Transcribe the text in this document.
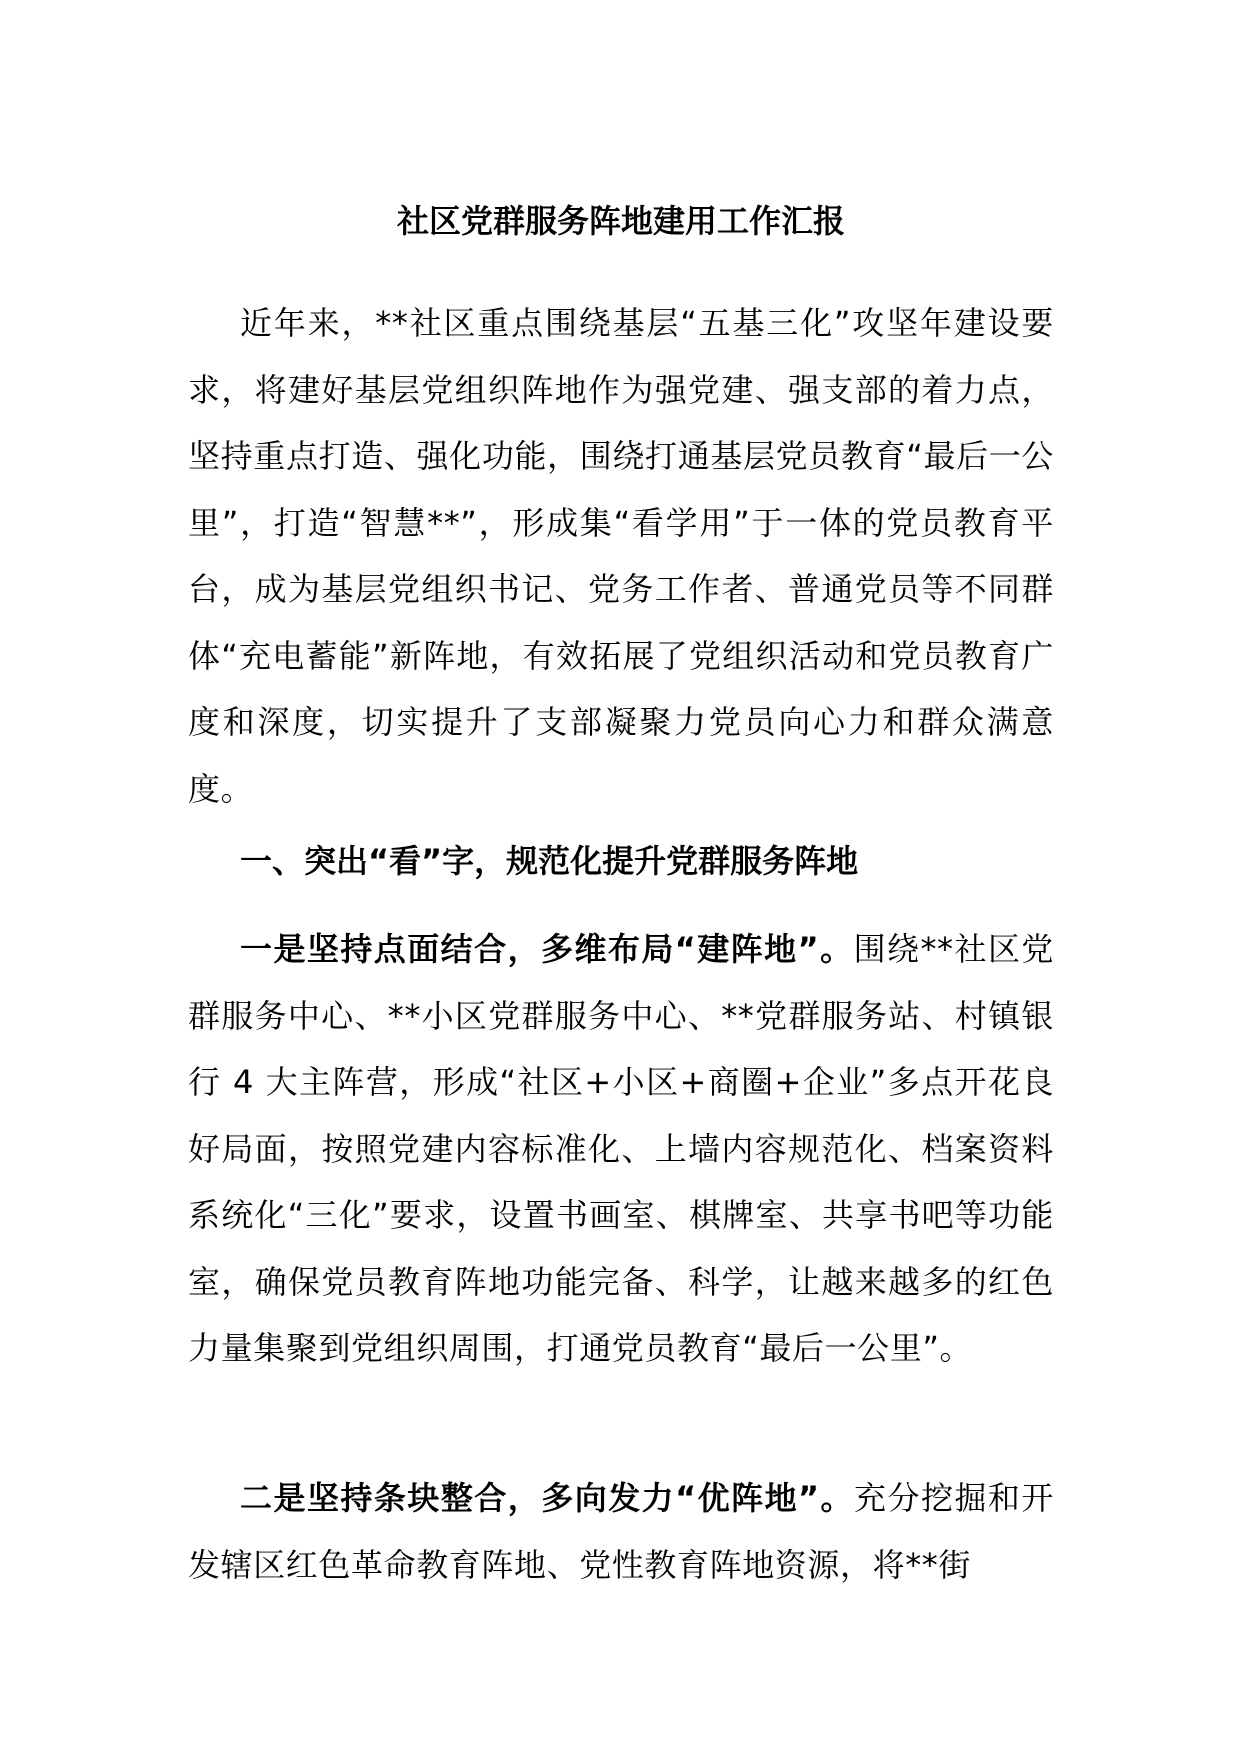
社区党群服务阵地建用工作汇报

近年来，**社区重点围绕基层“五基三化”攻坚年建设要求，将建好基层党组织阵地作为强党建、强支部的着力点，坚持重点打造、强化功能，围绕打通基层党员教育“最后一公里”，打造“智慧**”，形成集“看学用”于一体的党员教育平台，成为基层党组织书记、党务工作者、普通党员等不同群体“充电蓄能”新阵地，有效拓展了党组织活动和党员教育广度和深度，切实提升了支部凝聚力党员向心力和群众满意度。

一、突出“看”字，规范化提升党群服务阵地

一是坚持点面结合，多维布局“建阵地”。围绕**社区党群服务中心、**小区党群服务中心、**党群服务站、村镇银行 4 大主阵营，形成“社区+小区+商圈+企业”多点开花良好局面，按照党建内容标准化、上墙内容规范化、档案资料系统化“三化”要求，设置书画室、棋牌室、共享书吧等功能室，确保党员教育阵地功能完备、科学，让越来越多的红色力量集聚到党组织周围，打通党员教育“最后一公里”。

二是坚持条块整合，多向发力“优阵地”。充分挖掘和开发辖区红色革命教育阵地、党性教育阵地资源，将**街
